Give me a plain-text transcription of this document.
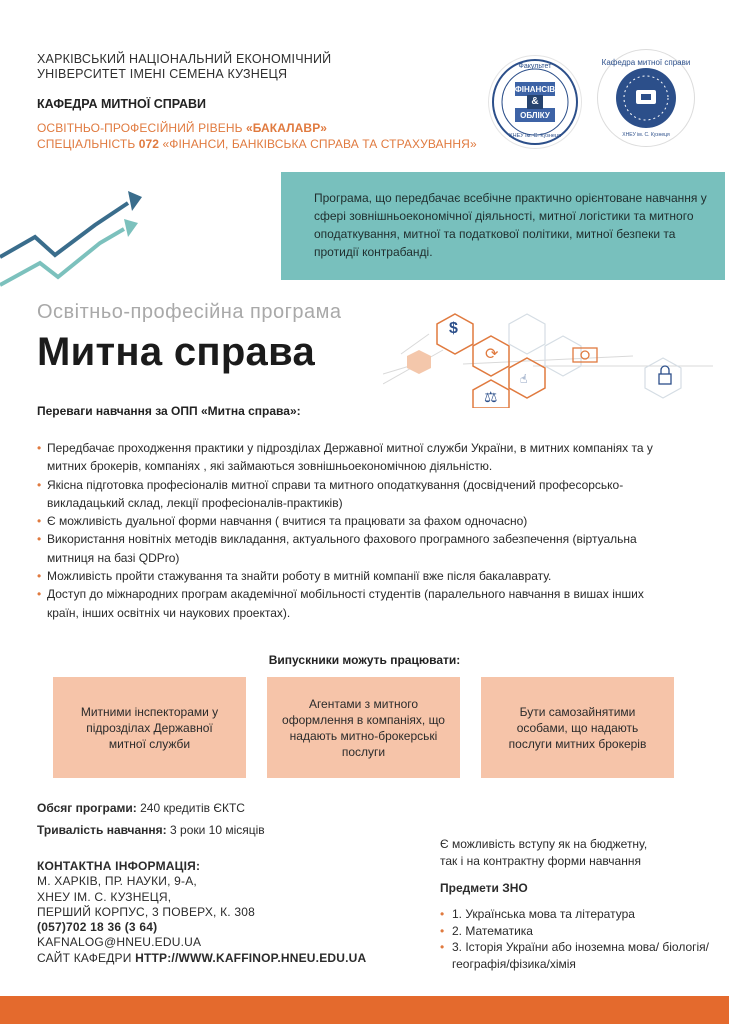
ХАРКІВСЬКИЙ НАЦІОНАЛЬНИЙ ЕКОНОМІЧНИЙ
УНІВЕРСИТЕТ ІМЕНІ СЕМЕНА КУЗНЕЦЯ
КАФЕДРА МИТНОЇ СПРАВИ
ОСВІТНЬО-ПРОФЕСІЙНИЙ РІВЕНЬ «БАКАЛАВР»
СПЕЦІАЛЬНІСТЬ 072 «ФІНАНСИ, БАНКІВСЬКА СПРАВА ТА СТРАХУВАННЯ»
Факультет
ФІНАНСІВ
&
ОБЛІКУ
ХНЕУ ім. С. Кузнеця
Кафедра митної справи
ХНЕУ ім. С. Кузнеця
Програма, що передбачає всебічне практично орієнтоване навчання у сфері зовнішньоекономічної діяльності, митної логістики та митного оподаткування, митної та податкової політики, митної безпеки та протидії контрабанді.
Освітньо-професійна програма
Митна справа
$
⟳
⚖
☝
Переваги навчання за ОПП «Митна справа»:
• Передбачає проходження практики у підрозділах Державної митної служби України, в митних компаніях та у митних брокерів, компаніях , які займаються зовнішньоекономічною діяльністю.
• Якісна підготовка професіоналів митної справи та митного оподаткування (досвідчений професорсько-викладацький склад, лекції професіоналів-практиків)
• Є можливість дуальної форми навчання ( вчитися та працювати за фахом одночасно)
• Використання новітніх методів викладання, актуального фахового програмного забезпечення (віртуальна митниця на базі QDPro)
• Можливість пройти стажування та знайти роботу в митній компанії вже після бакалаврату.
• Доступ до міжнародних програм академічної мобільності студентів (паралельного навчання в вишах інших країн, інших освітніх чи наукових проектах).
Випускники можуть працювати:
Митними інспекторами у підрозділах Державної митної служби
Агентами з митного оформлення в компаніях, що надають митно-брокерські послуги
Бути самозайнятими особами, що надають послуги митних брокерів
Обсяг програми: 240 кредитів ЄКТС
Тривалість навчання: 3 роки 10 місяців
КОНТАКТНА ІНФОРМАЦІЯ:
М. ХАРКІВ, ПР. НАУКИ, 9-А,
ХНЕУ ІМ. С. КУЗНЕЦЯ,
ПЕРШИЙ КОРПУС, 3 ПОВЕРХ, К. 308
(057)702 18 36 (3 64)
KAFNALOG@HNEU.EDU.UA
САЙТ КАФЕДРИ HTTP://WWW.KAFFINOP.HNEU.EDU.UA
Є можливість вступу як на бюджетну,
так і на контрактну форми навчання
Предмети ЗНО
• 1. Українська мова та література
• 2. Математика
• 3. Історія України або іноземна мова/ біологія/географія/фізика/хімія
